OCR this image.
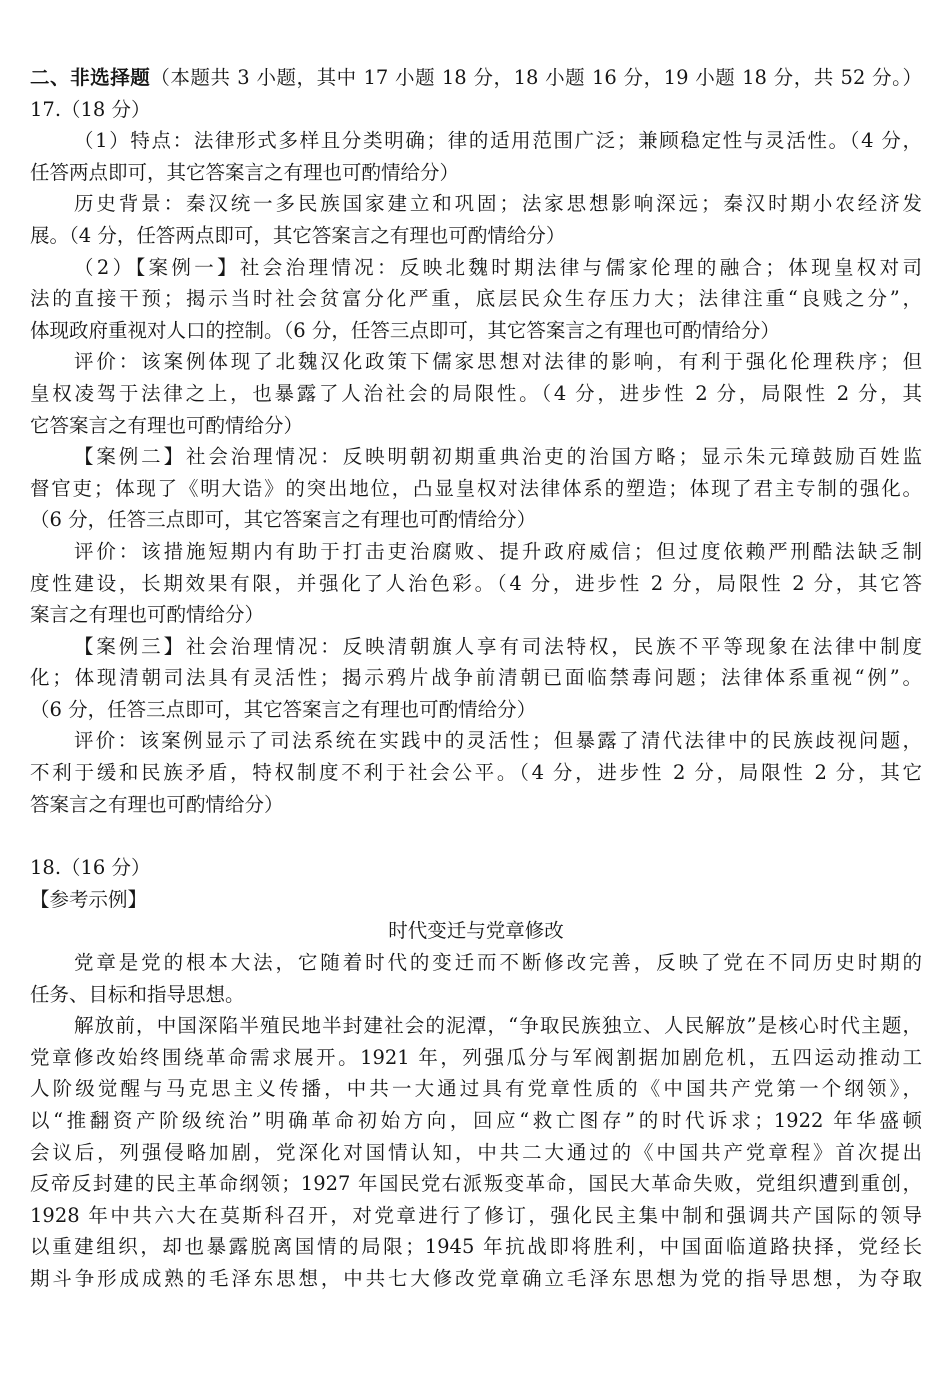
二、非选择题（本题共 3 小题，其中 17 小题 18 分，18 小题 16 分，19 小题 18 分，共 52 分。）
17.（18 分）
（1）特点：法律形式多样且分类明确；律的适用范围广泛；兼顾稳定性与灵活性。（4 分，
任答两点即可，其它答案言之有理也可酌情给分）
历史背景：秦汉统一多民族国家建立和巩固；法家思想影响深远；秦汉时期小农经济发
展。（4 分，任答两点即可，其它答案言之有理也可酌情给分）
（2）【案例一】社会治理情况：反映北魏时期法律与儒家伦理的融合；体现皇权对司
法的直接干预；揭示当时社会贫富分化严重，底层民众生存压力大；法律注重“良贱之分”，
体现政府重视对人口的控制。（6 分，任答三点即可，其它答案言之有理也可酌情给分）
评价：该案例体现了北魏汉化政策下儒家思想对法律的影响，有利于强化伦理秩序；但
皇权凌驾于法律之上，也暴露了人治社会的局限性。（4 分，进步性 2 分，局限性 2 分，其
它答案言之有理也可酌情给分）
【案例二】社会治理情况：反映明朝初期重典治吏的治国方略；显示朱元璋鼓励百姓监
督官吏；体现了《明大诰》的突出地位，凸显皇权对法律体系的塑造；体现了君主专制的强化。
（6 分，任答三点即可，其它答案言之有理也可酌情给分）
评价：该措施短期内有助于打击吏治腐败、提升政府威信；但过度依赖严刑酷法缺乏制
度性建设，长期效果有限，并强化了人治色彩。（4 分，进步性 2 分，局限性 2 分，其它答
案言之有理也可酌情给分）
【案例三】社会治理情况：反映清朝旗人享有司法特权，民族不平等现象在法律中制度
化；体现清朝司法具有灵活性；揭示鸦片战争前清朝已面临禁毒问题；法律体系重视“例”。
（6 分，任答三点即可，其它答案言之有理也可酌情给分）
评价：该案例显示了司法系统在实践中的灵活性；但暴露了清代法律中的民族歧视问题，
不利于缓和民族矛盾，特权制度不利于社会公平。（4 分，进步性 2 分，局限性 2 分，其它
答案言之有理也可酌情给分）
18.（16 分）
【参考示例】
时代变迁与党章修改
党章是党的根本大法，它随着时代的变迁而不断修改完善，反映了党在不同历史时期的
任务、目标和指导思想。
解放前，中国深陷半殖民地半封建社会的泥潭，“争取民族独立、人民解放”是核心时代主题，
党章修改始终围绕革命需求展开。1921 年，列强瓜分与军阀割据加剧危机，五四运动推动工
人阶级觉醒与马克思主义传播，中共一大通过具有党章性质的《中国共产党第一个纲领》，
以“推翻资产阶级统治”明确革命初始方向，回应“救亡图存”的时代诉求；1922 年华盛顿
会议后，列强侵略加剧，党深化对国情认知，中共二大通过的《中国共产党章程》首次提出
反帝反封建的民主革命纲领；1927 年国民党右派叛变革命，国民大革命失败，党组织遭到重创，
1928 年中共六大在莫斯科召开，对党章进行了修订，强化民主集中制和强调共产国际的领导
以重建组织，却也暴露脱离国情的局限；1945 年抗战即将胜利，中国面临道路抉择，党经长
期斗争形成成熟的毛泽东思想，中共七大修改党章确立毛泽东思想为党的指导思想，为夺取
